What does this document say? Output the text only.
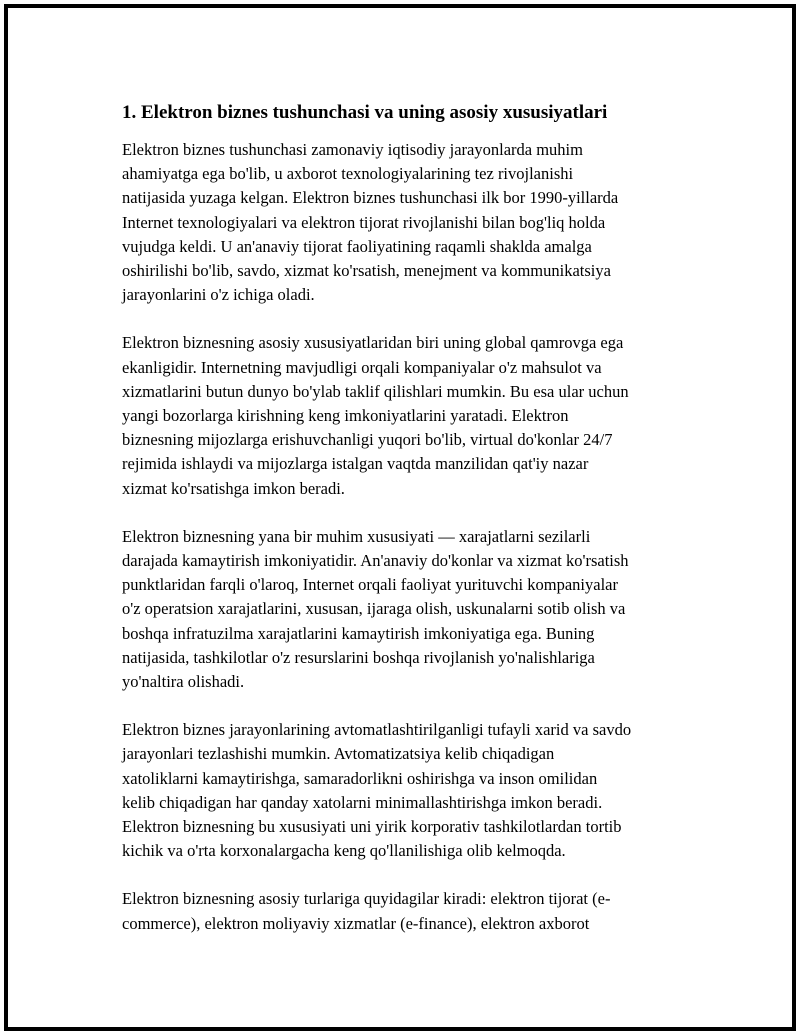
1. Elektron biznes tushunchasi va uning asosiy xususiyatlari

Elektron biznes tushunchasi zamonaviy iqtisodiy jarayonlarda muhim
ahamiyatga ega bo'lib, u axborot texnologiyalarining tez rivojlanishi
natijasida yuzaga kelgan. Elektron biznes tushunchasi ilk bor 1990-yillarda
Internet texnologiyalari va elektron tijorat rivojlanishi bilan bog'liq holda
vujudga keldi. U an'anaviy tijorat faoliyatining raqamli shaklda amalga
oshirilishi bo'lib, savdo, xizmat ko'rsatish, menejment va kommunikatsiya
jarayonlarini o'z ichiga oladi.

Elektron biznesning asosiy xususiyatlaridan biri uning global qamrovga ega
ekanligidir. Internetning mavjudligi orqali kompaniyalar o'z mahsulot va
xizmatlarini butun dunyo bo'ylab taklif qilishlari mumkin. Bu esa ular uchun
yangi bozorlarga kirishning keng imkoniyatlarini yaratadi. Elektron
biznesning mijozlarga erishuvchanligi yuqori bo'lib, virtual do'konlar 24/7
rejimida ishlaydi va mijozlarga istalgan vaqtda manzilidan qat'iy nazar
xizmat ko'rsatishga imkon beradi.

Elektron biznesning yana bir muhim xususiyati — xarajatlarni sezilarli
darajada kamaytirish imkoniyatidir. An'anaviy do'konlar va xizmat ko'rsatish
punktlaridan farqli o'laroq, Internet orqali faoliyat yurituvchi kompaniyalar
o'z operatsion xarajatlarini, xususan, ijaraga olish, uskunalarni sotib olish va
boshqa infratuzilma xarajatlarini kamaytirish imkoniyatiga ega. Buning
natijasida, tashkilotlar o'z resurslarini boshqa rivojlanish yo'nalishlariga
yo'naltira olishadi.

Elektron biznes jarayonlarining avtomatlashtirilganligi tufayli xarid va savdo
jarayonlari tezlashishi mumkin. Avtomatizatsiya kelib chiqadigan
xatoliklarni kamaytirishga, samaradorlikni oshirishga va inson omilidan
kelib chiqadigan har qanday xatolarni minimallashtirishga imkon beradi.
Elektron biznesning bu xususiyati uni yirik korporativ tashkilotlardan tortib
kichik va o'rta korxonalargacha keng qo'llanilishiga olib kelmoqda.

Elektron biznesning asosiy turlariga quyidagilar kiradi: elektron tijorat (e-
commerce), elektron moliyaviy xizmatlar (e-finance), elektron axborot
